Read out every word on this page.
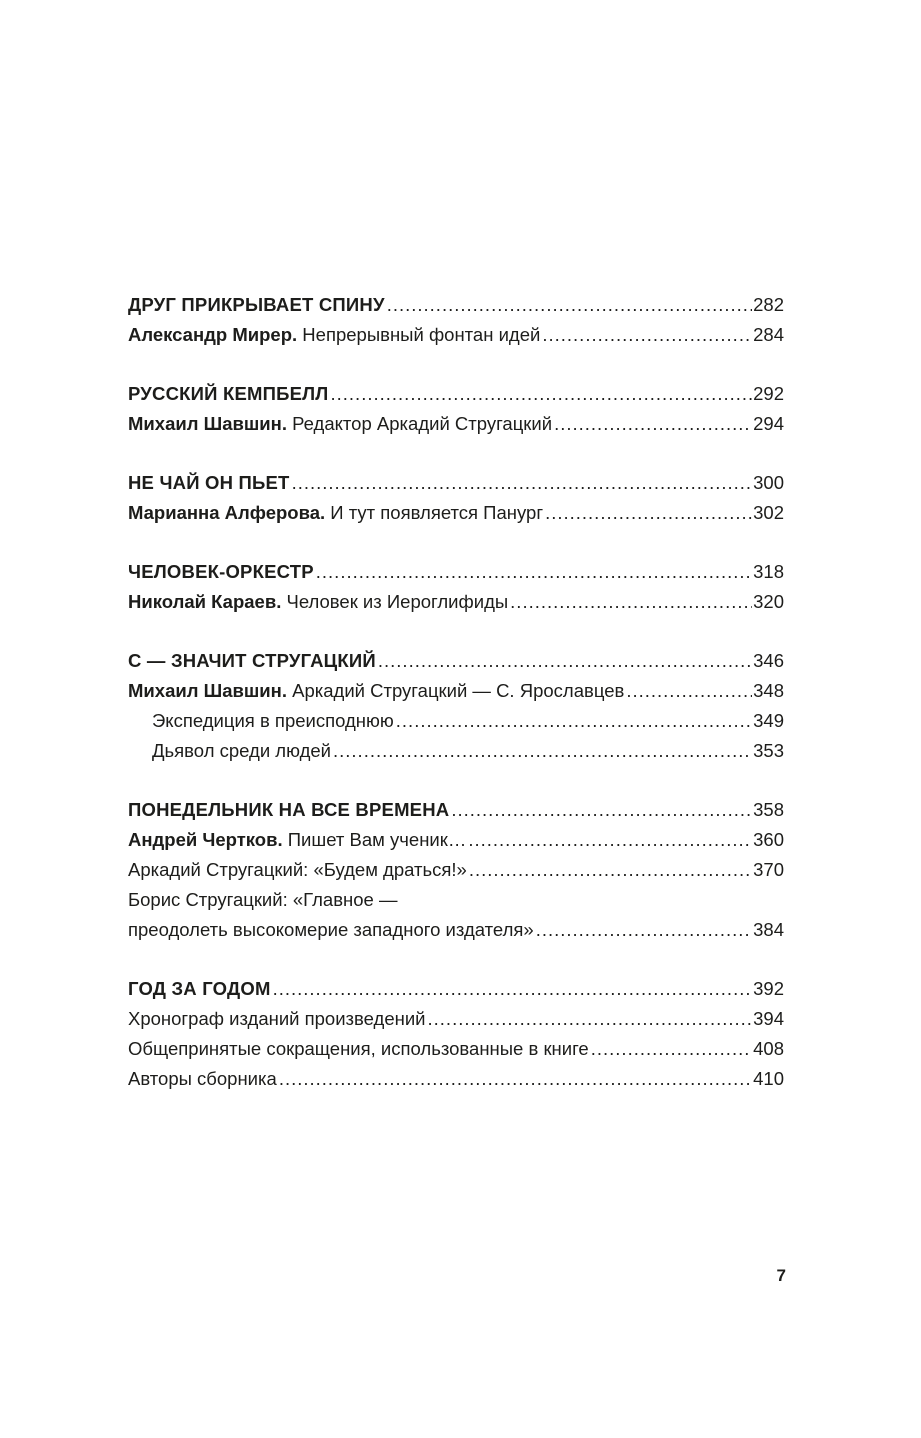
ДРУГ ПРИКРЫВАЕТ СПИНУ .....	282
Александр Мирер. Непрерывный фонтан идей .....	284
РУССКИЙ КЕМПБЕЛЛ .....	292
Михаил Шавшин. Редактор Аркадий Стругацкий .....	294
НЕ ЧАЙ ОН ПЬЕТ .....	300
Марианна Алферова. И тут появляется Панург .....	302
ЧЕЛОВЕК-ОРКЕСТР .....	318
Николай Караев. Человек из Иероглифиды .....	320
С — ЗНАЧИТ СТРУГАЦКИЙ .....	346
Михаил Шавшин. Аркадий Стругацкий — С. Ярославцев .....	348
Экспедиция в преисподнюю .....	349
Дьявол среди людей .....	353
ПОНЕДЕЛЬНИК НА ВСЕ ВРЕМЕНА .....	358
Андрей Чертков. Пишет Вам ученик… .....	360
Аркадий Стругацкий: «Будем драться!» .....	370
Борис Стругацкий: «Главное —
преодолеть высокомерие западного издателя» .....	384
ГОД ЗА ГОДОМ .....	392
Хронограф изданий произведений .....	394
Общепринятые сокращения, использованные в книге .....	408
Авторы сборника .....	410
7
